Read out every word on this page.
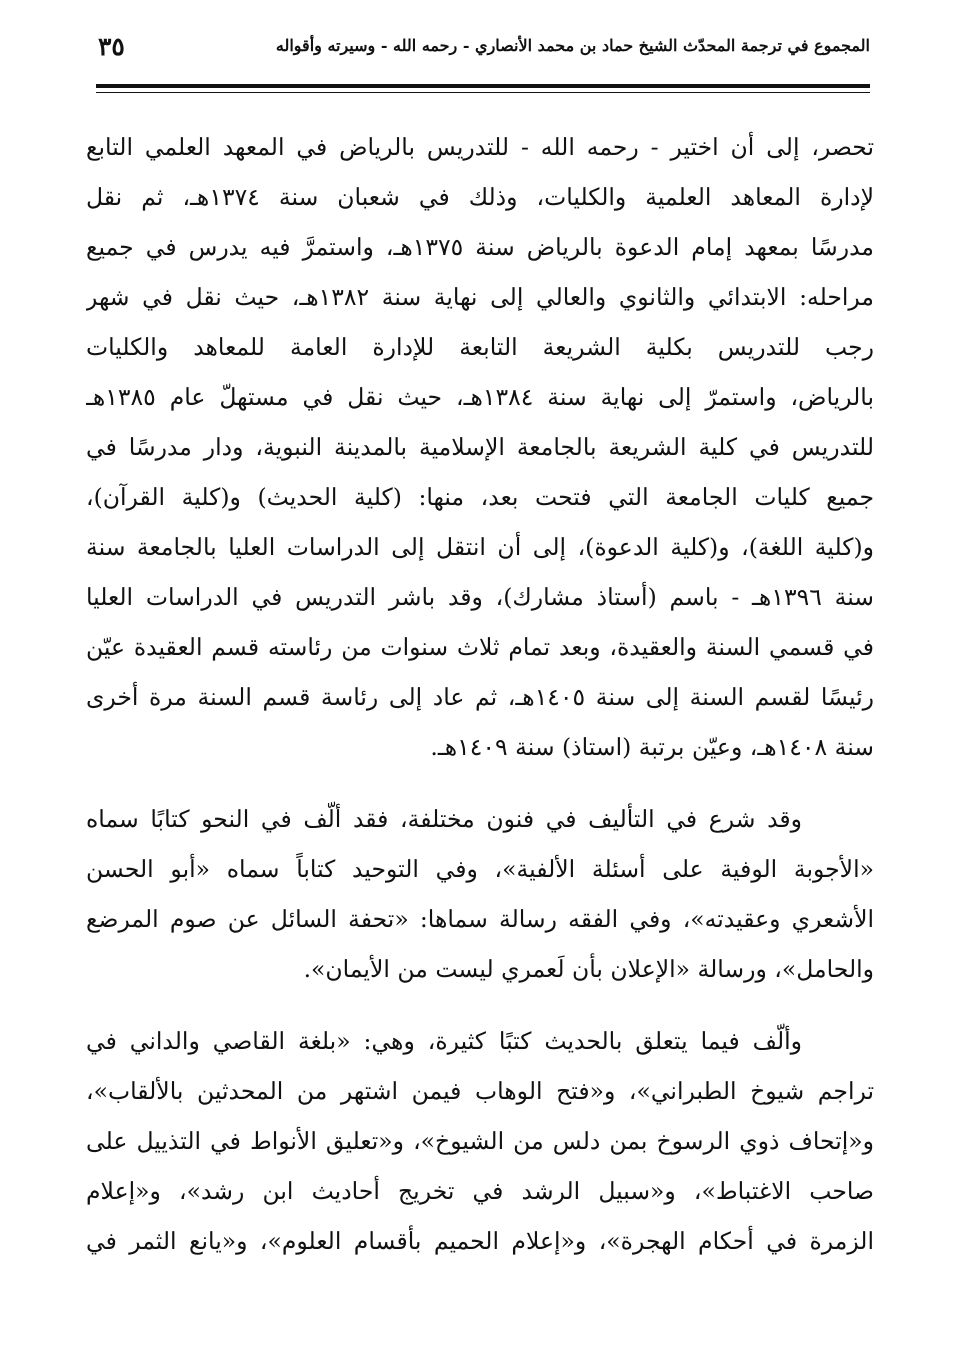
٣٥	المجموع في ترجمة المحدّث الشيخ حماد بن محمد الأنصاري - رحمه الله - وسيرته وأقواله
تحصر، إلى أن اختير - رحمه الله - للتدريس بالرياض في المعهد العلمي التابع
لإدارة المعاهد العلمية والكليات، وذلك في شعبان سنة ١٣٧٤هـ، ثم نقل
مدرسًا بمعهد إمام الدعوة بالرياض سنة ١٣٧٥هـ، واستمرَّ فيه يدرس في جميع
مراحله: الابتدائي والثانوي والعالي إلى نهاية سنة ١٣٨٢هـ، حيث نقل في شهر
رجب للتدريس بكلية الشريعة التابعة للإدارة العامة للمعاهد والكليات
بالرياض، واستمرّ إلى نهاية سنة ١٣٨٤هـ، حيث نقل في مستهلّ عام ١٣٨٥هـ
للتدريس في كلية الشريعة بالجامعة الإسلامية بالمدينة النبوية، ودار مدرسًا في
جميع كليات الجامعة التي فتحت بعد، منها: (كلية الحديث) و(كلية القرآن)،
و(كلية اللغة)، و(كلية الدعوة)، إلى أن انتقل إلى الدراسات العليا بالجامعة سنة
سنة ١٣٩٦هـ - باسم (أستاذ مشارك)، وقد باشر التدريس في الدراسات العليا
في قسمي السنة والعقيدة، وبعد تمام ثلاث سنوات من رئاسته قسم العقيدة عيّن
رئيسًا لقسم السنة إلى سنة ١٤٠٥هـ، ثم عاد إلى رئاسة قسم السنة مرة أخرى
سنة ١٤٠٨هـ، وعيّن برتبة (استاذ) سنة ١٤٠٩هـ.
وقد شرع في التأليف في فنون مختلفة، فقد ألّف في النحو كتابًا سماه
«الأجوبة الوفية على أسئلة الألفية»، وفي التوحيد كتاباً سماه «أبو الحسن
الأشعري وعقيدته»، وفي الفقه رسالة سماها: «تحفة السائل عن صوم المرضع
والحامل»، ورسالة «الإعلان بأن لَعمري ليست من الأيمان».
وألّف فيما يتعلق بالحديث كتبًا كثيرة، وهي: «بلغة القاصي والداني في
تراجم شيوخ الطبراني»، و«فتح الوهاب فيمن اشتهر من المحدثين بالألقاب»،
و«إتحاف ذوي الرسوخ بمن دلس من الشيوخ»، و«تعليق الأنواط في التذييل على
صاحب الاغتباط»، و«سبيل الرشد في تخريج أحاديث ابن رشد»، و«إعلام
الزمرة في أحكام الهجرة»، و«إعلام الحميم بأقسام العلوم»، و«يانع الثمر في
